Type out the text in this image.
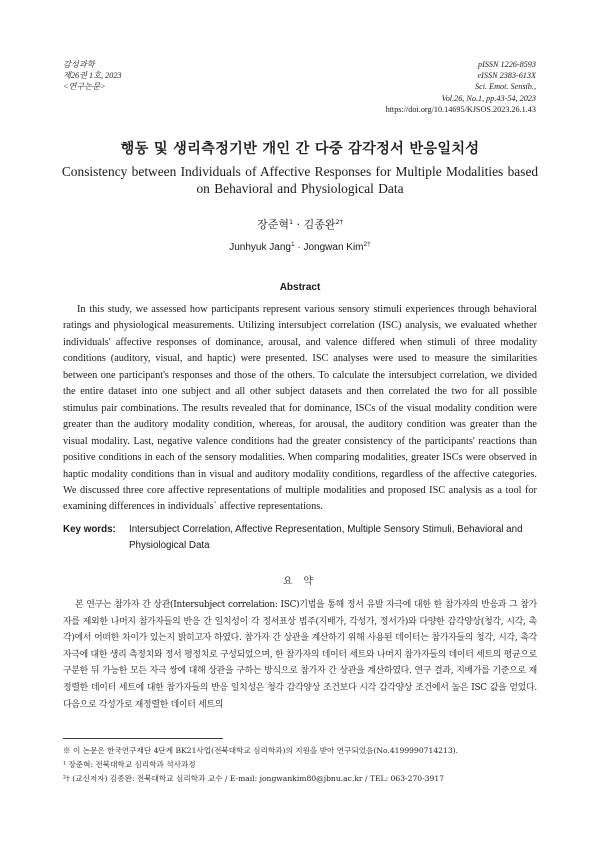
감성과학
제26권 1호, 2023
<연구논문>
pISSN 1226-8593
eISSN 2383-613X
Sci. Emot. Sensib.,
Vol.26, No.1, pp.43-54, 2023
https://doi.org/10.14695/KJSOS.2023.26.1.43
행동 및 생리측정기반 개인 간 다중 감각정서 반응일치성
Consistency between Individuals of Affective Responses for Multiple Modalities based on Behavioral and Physiological Data
장준혁$^1$ · 김종완$^{2\dagger}$
Junhyuk Jang$^1$ · Jongwan Kim$^{2\dagger}$
Abstract

In this study, we assessed how participants represent various sensory stimuli experiences through behavioral ratings and physiological measurements. Utilizing intersubject correlation (ISC) analysis, we evaluated whether individuals' affective responses of dominance, arousal, and valence differed when stimuli of three modality conditions (auditory, visual, and haptic) were presented. ISC analyses were used to measure the similarities between one participant's responses and those of the others. To calculate the intersubject correlation, we divided the entire dataset into one subject and all other subject datasets and then correlated the two for all possible stimulus pair combinations. The results revealed that for dominance, ISCs of the visual modality condition were greater than the auditory modality condition, whereas, for arousal, the auditory condition was greater than the visual modality. Last, negative valence conditions had the greater consistency of the participants' reactions than positive conditions in each of the sensory modalities. When comparing modalities, greater ISCs were observed in haptic modality conditions than in visual and auditory modality conditions, regardless of the affective categories. We discussed three core affective representations of multiple modalities and proposed ISC analysis as a tool for examining differences in individuals` affective representations.

Key words: Intersubject Correlation, Affective Representation, Multiple Sensory Stimuli, Behavioral and Physiological Data
요 약

본 연구는 참가자 간 상관(Intersubject correlation: ISC)기법을 통해 정서 유발 자극에 대한 한 참가자의 반응과 그 참가자를 제외한 나머지 참가자들의 반응 간 일치성이 각 정서표상 범주(지배가, 각성가, 정서가)와 다양한 감각양상(청각, 시각, 촉각)에서 어떠한 차이가 있는지 밝히고자 하였다. 참가자 간 상관을 계산하기 위해 사용된 데이터는 참가자들의 청각, 시각, 촉각 자극에 대한 생리 측정치와 정서 평정치로 구성되었으며, 한 참가자의 데이터 세트와 나머지 참가자들의 데이터 세트의 평균으로 구분한 뒤 가능한 모든 자극 쌍에 대해 상관을 구하는 방식으로 참가자 간 상관을 계산하였다. 연구 결과, 지배가를 기준으로 재정렬한 데이터 세트에 대한 참가자들의 반응 일치성은 청각 감각양상 조건보다 시각 감각양상 조건에서 높은 ISC 값을 얻었다. 다음으로 각성가로 재정렬한 데이터 세트의

※ 이 논문은 한국연구재단 4단계 BK21사업(전북대학교 심리학과)의 지원을 받아 연구되었음(No.4199990714213).
¹ 장준혁: 전북대학교 심리학과 석사과정
²† (교신저자) 김종완: 전북대학교 심리학과 교수 / E-mail: jongwankim80@jbnu.ac.kr / TEL: 063-270-3917
